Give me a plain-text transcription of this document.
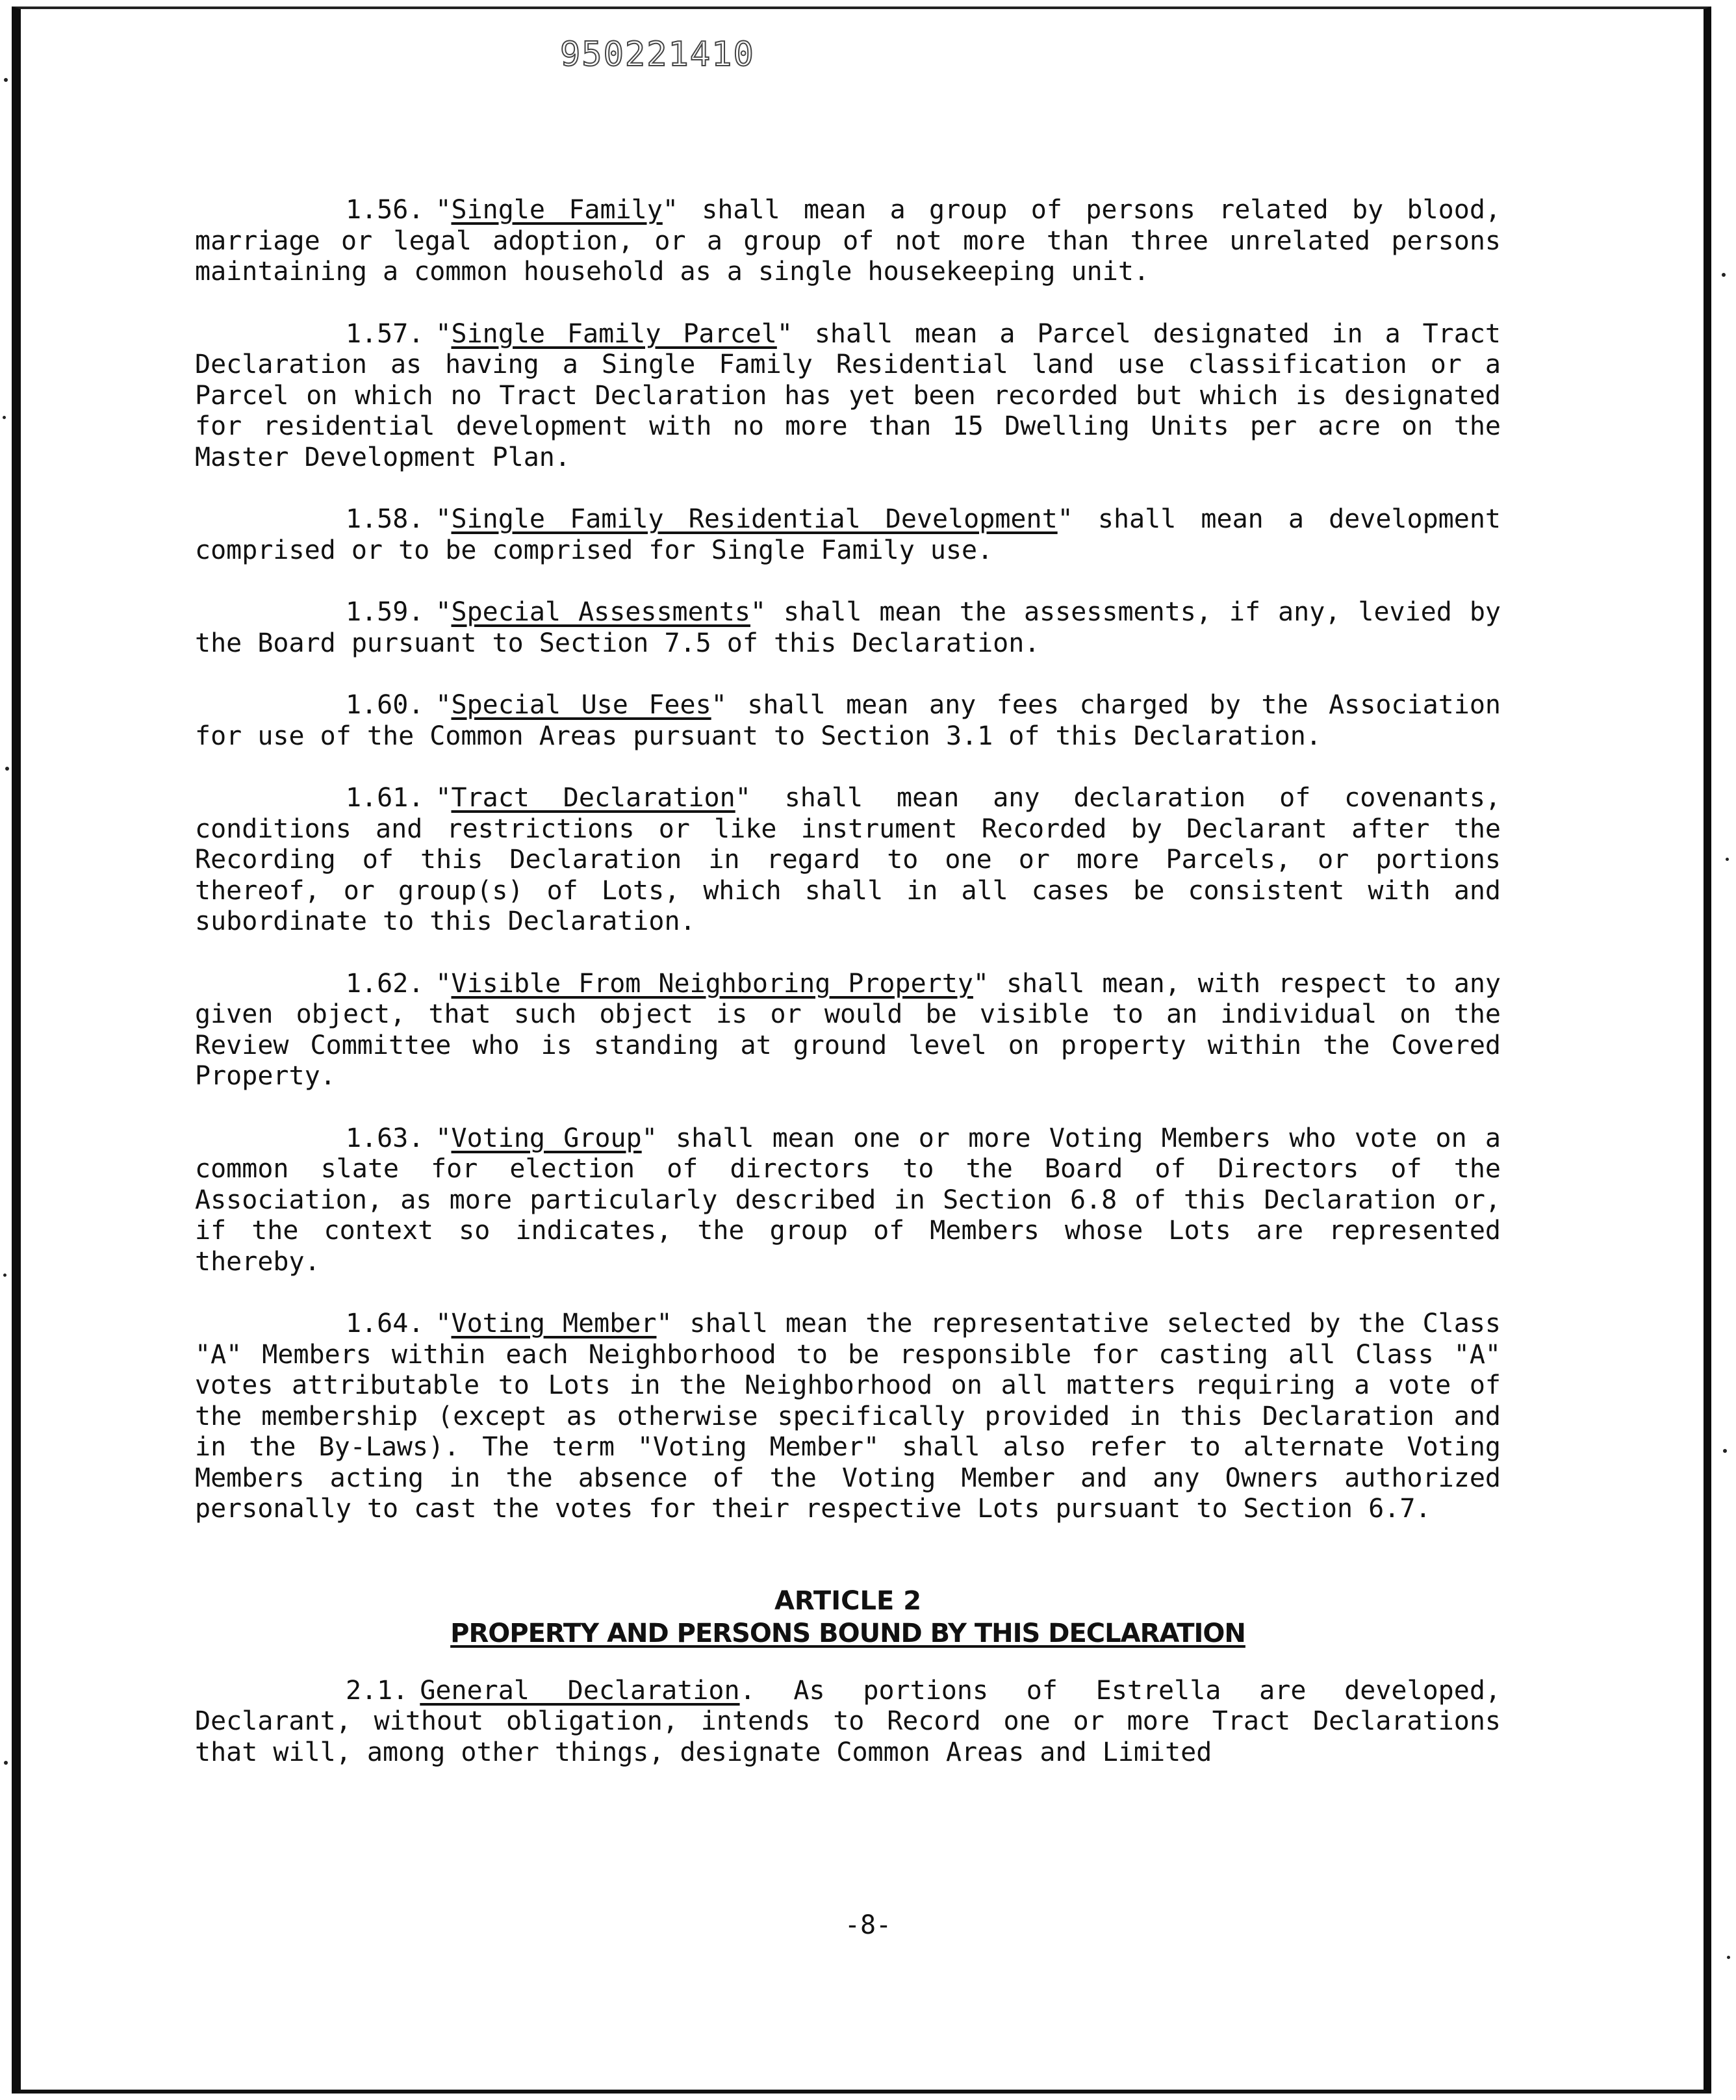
950221410

1.56. "Single Family" shall mean a group of persons related by blood, marriage or legal adoption, or a group of not more than three unrelated persons maintaining a common household as a single housekeeping unit.

1.57. "Single Family Parcel" shall mean a Parcel designated in a Tract Declaration as having a Single Family Residential land use classification or a Parcel on which no Tract Declaration has yet been recorded but which is designated for residential development with no more than 15 Dwelling Units per acre on the Master Development Plan.

1.58. "Single Family Residential Development" shall mean a development comprised or to be comprised for Single Family use.

1.59. "Special Assessments" shall mean the assessments, if any, levied by the Board pursuant to Section 7.5 of this Declaration.

1.60. "Special Use Fees" shall mean any fees charged by the Association for use of the Common Areas pursuant to Section 3.1 of this Declaration.

1.61. "Tract Declaration" shall mean any declaration of covenants, conditions and restrictions or like instrument Recorded by Declarant after the Recording of this Declaration in regard to one or more Parcels, or portions thereof, or group(s) of Lots, which shall in all cases be consistent with and subordinate to this Declaration.

1.62. "Visible From Neighboring Property" shall mean, with respect to any given object, that such object is or would be visible to an individual on the Review Committee who is standing at ground level on property within the Covered Property.

1.63. "Voting Group" shall mean one or more Voting Members who vote on a common slate for election of directors to the Board of Directors of the Association, as more particularly described in Section 6.8 of this Declaration or, if the context so indicates, the group of Members whose Lots are represented thereby.

1.64. "Voting Member" shall mean the representative selected by the Class "A" Members within each Neighborhood to be responsible for casting all Class "A" votes attributable to Lots in the Neighborhood on all matters requiring a vote of the membership (except as otherwise specifically provided in this Declaration and in the By-Laws). The term "Voting Member" shall also refer to alternate Voting Members acting in the absence of the Voting Member and any Owners authorized personally to cast the votes for their respective Lots pursuant to Section 6.7.

ARTICLE 2
PROPERTY AND PERSONS BOUND BY THIS DECLARATION

2.1. General Declaration. As portions of Estrella are developed, Declarant, without obligation, intends to Record one or more Tract Declarations that will, among other things, designate Common Areas and Limited

-8-
